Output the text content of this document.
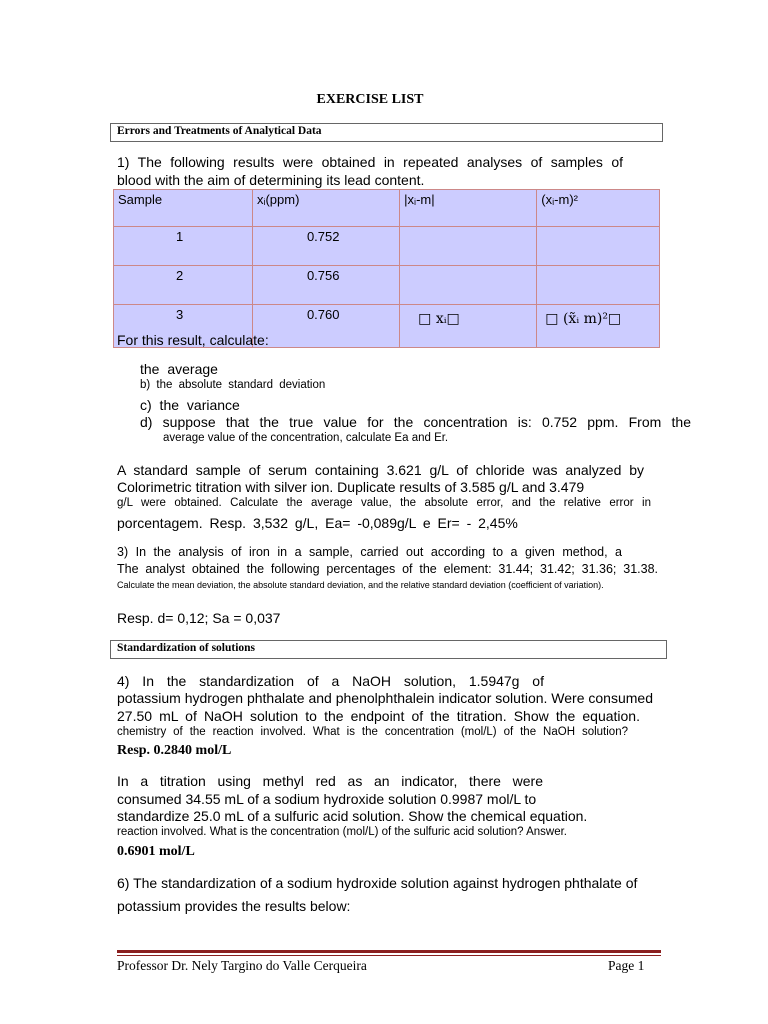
EXERCISE LIST
Errors and Treatments of Analytical Data
1) The following results were obtained in repeated analyses of samples of
blood with the aim of determining its lead content.
Sample	xᵢ(ppm)	|xᵢ-m|	(xᵢ-m)²
1	0.752		
2	0.756		
3	0.760	□ xᵢ□	□ (x̃ᵢ m)²□
For this result, calculate:
the average
b) the absolute standard deviation
c) the variance
d) suppose that the true value for the concentration is: 0.752 ppm. From the
average value of the concentration, calculate Ea and Er.
A standard sample of serum containing 3.621 g/L of chloride was analyzed by
Colorimetric titration with silver ion. Duplicate results of 3.585 g/L and 3.479
g/L were obtained. Calculate the average value, the absolute error, and the relative error in
porcentagem. Resp. 3,532 g/L, Ea= -0,089g/L e Er= - 2,45%
3) In the analysis of iron in a sample, carried out according to a given method, a
The analyst obtained the following percentages of the element: 31.44; 31.42; 31.36; 31.38.
Calculate the mean deviation, the absolute standard deviation, and the relative standard deviation (coefficient of variation).
Resp. d= 0,12; Sa = 0,037
Standardization of solutions
4) In the standardization of a NaOH solution, 1.5947g of
potassium hydrogen phthalate and phenolphthalein indicator solution. Were consumed
27.50 mL of NaOH solution to the endpoint of the titration. Show the equation.
chemistry of the reaction involved. What is the concentration (mol/L) of the NaOH solution?
Resp. 0.2840 mol/L
In a titration using methyl red as an indicator, there were
consumed 34.55 mL of a sodium hydroxide solution 0.9987 mol/L to
standardize 25.0 mL of a sulfuric acid solution. Show the chemical equation.
reaction involved. What is the concentration (mol/L) of the sulfuric acid solution? Answer.
0.6901 mol/L
6) The standardization of a sodium hydroxide solution against hydrogen phthalate of
potassium provides the results below:
Professor Dr. Nely Targino do Valle Cerqueira	Page 1
